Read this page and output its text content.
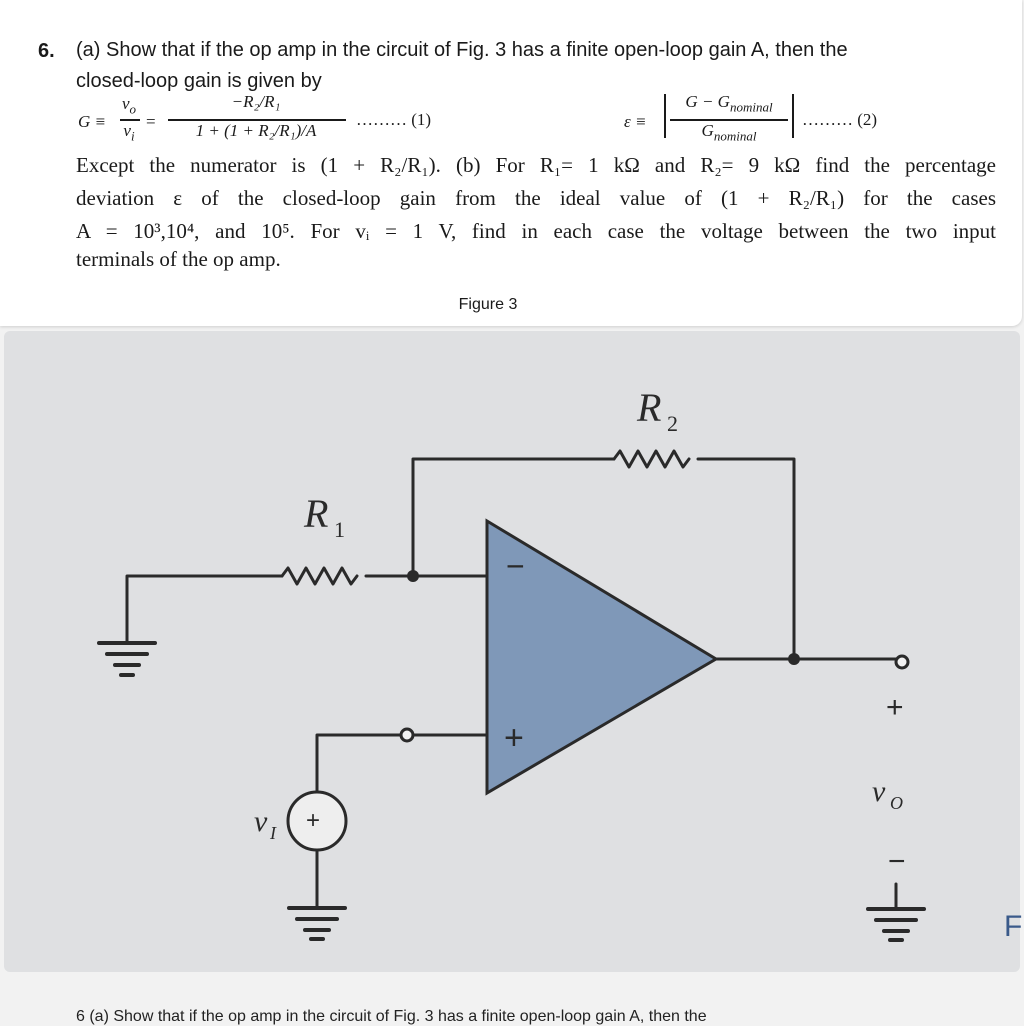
6. (a) Show that if the op amp in the circuit of Fig. 3 has a finite open-loop gain A, then the
closed-loop gain is given by
G ≡
$v_o$
$v_i$
=
−R₂/R₁
1 + (1 + R₂/R₁)/A
……… (1)	ε ≡
$G - G_{nominal}$
$G_{nominal}$
……… (2)
Except the numerator is (1 + R₂/R₁). (b) For R₁= 1 kΩ and R₂= 9 kΩ find the percentage
deviation ε of the closed-loop gain from the ideal value of (1 + R₂/R₁) for the cases
A = 10³,10⁴, and 10⁵. For vᵢ = 1 V, find in each case the voltage between the two input
terminals of the op amp.
Figure 3
R 1
R 2
−
+
+
v I
+
v O
−
F
6 (a) Show that if the op amp in the circuit of Fig. 3 has a finite open-loop gain A, then the
